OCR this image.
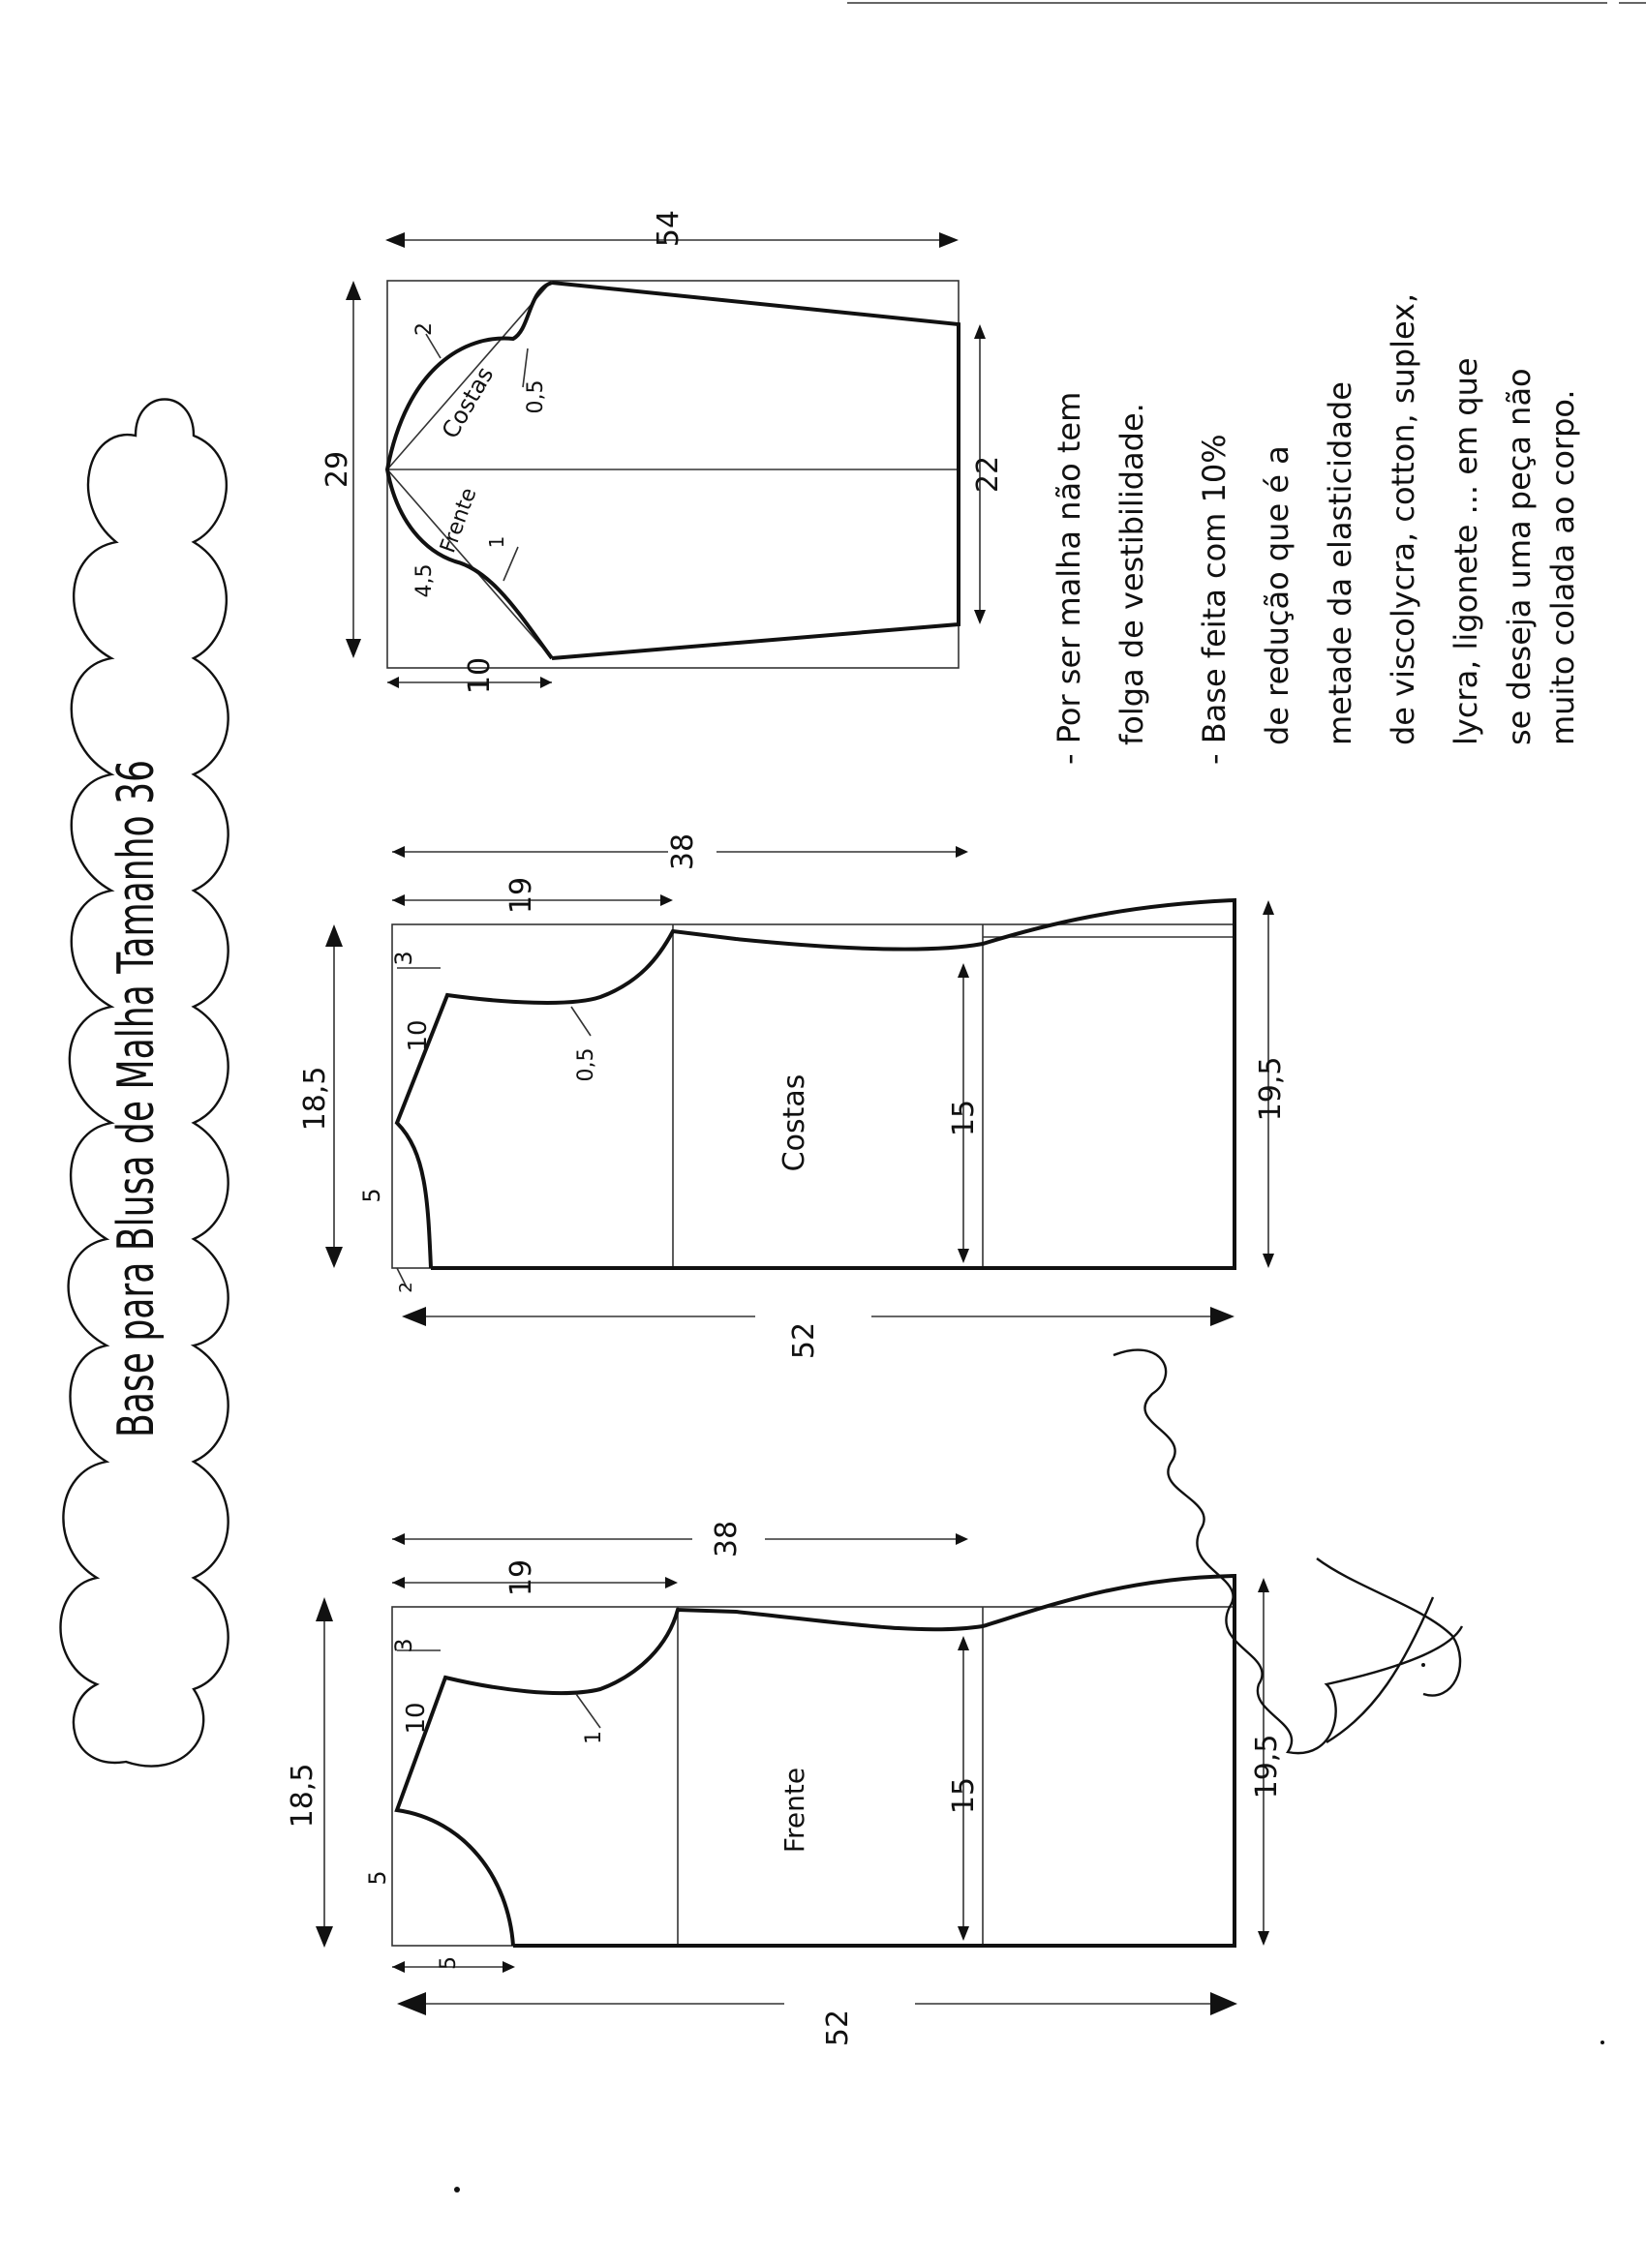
Base para Blusa de Malha Tamanho 36
54
29	22
10
2
0,5
4,5
1
Costas
Frente
38
19
52
18,5	19,5
15
10
3
0,5
5
2
Costas
38
19
52
18,5	19,5
15
10
3
1
5
5
Frente
- Por ser malha não tem folga de vestibilidade. - Base feita com 10% de redução que é a metade da elasticidade de viscolycra, cotton, suplex, lycra, ligonete ... em que se deseja uma peça não muito colada ao corpo.
